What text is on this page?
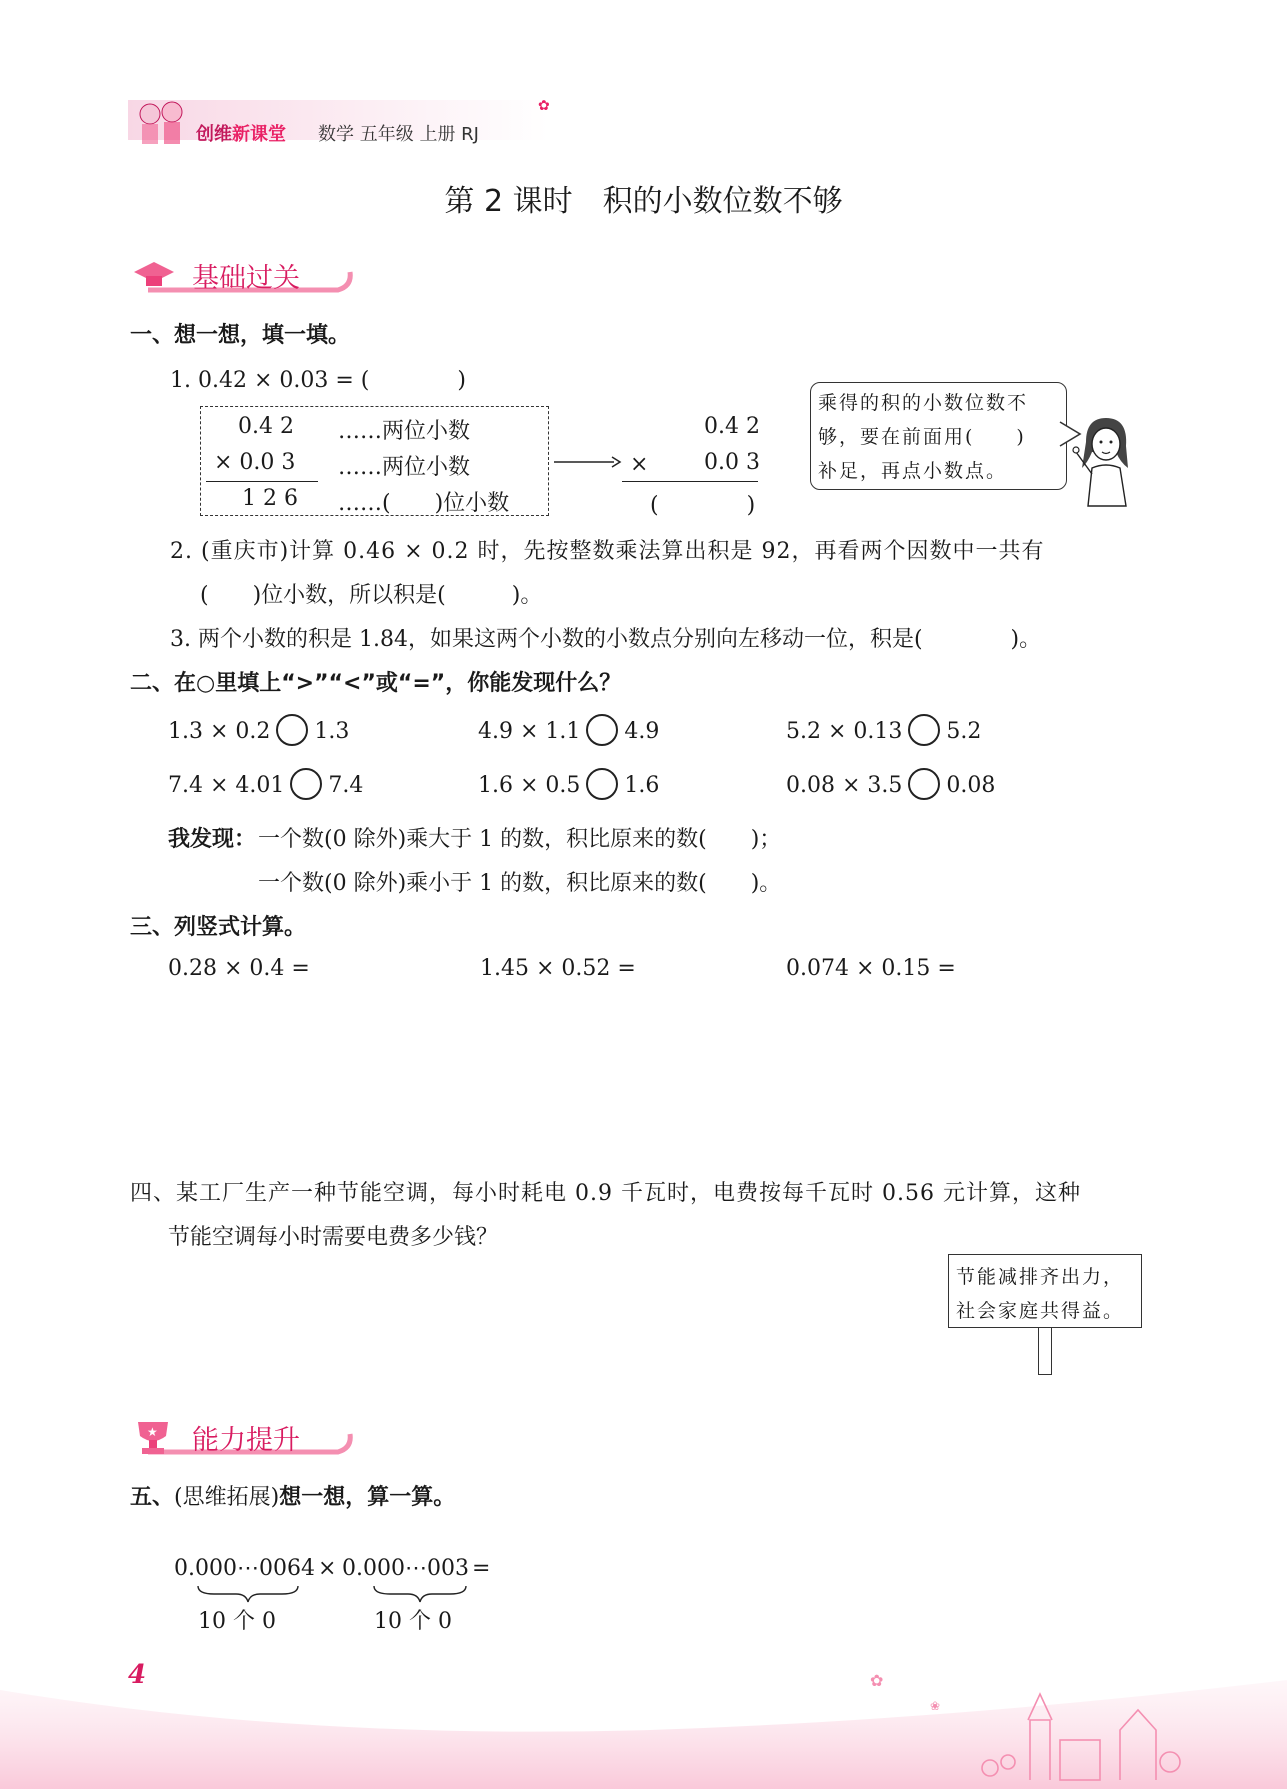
✿
创维新课堂 数学 五年级 上册 RJ
第 2 课时　积的小数位数不够
基础过关
一、想一想，填一填。
1. 0.42 × 0.03 = (　　　　)
0.4 2 ……两位小数
× 0.0 3 ……两位小数
1 2 6 ……(　　)位小数
0.4 2
×	0.0 3
(　　　　)
乘得的积的小数位数不
够，要在前面用(　　)
补足，再点小数点。
2. (重庆市)计算 0.46 × 0.2 时，先按整数乘法算出积是 92，再看两个因数中一共有
(　　)位小数，所以积是(　　　)。
3. 两个小数的积是 1.84，如果这两个小数的小数点分别向左移动一位，积是(　　　　)。
二、在○里填上“>”“<”或“=”，你能发现什么？
1.3 × 0.2 1.3	4.9 × 1.1 4.9	5.2 × 0.13 5.2
7.4 × 4.01 7.4	1.6 × 0.5 1.6	0.08 × 3.5 0.08
我发现： 一个数(0 除外)乘大于 1 的数，积比原来的数(　　)；
一个数(0 除外)乘小于 1 的数，积比原来的数(　　)。
三、列竖式计算。
0.28 × 0.4 =	1.45 × 0.52 =	0.074 × 0.15 =
四、某工厂生产一种节能空调，每小时耗电 0.9 千瓦时，电费按每千瓦时 0.56 元计算，这种
节能空调每小时需要电费多少钱？
节能减排齐出力，
社会家庭共得益。
★ 能力提升
五、(思维拓展)想一想，算一算。
0.000⋯0064 × 0.000⋯003 =
10 个 0	10 个 0
✿
❀
4
